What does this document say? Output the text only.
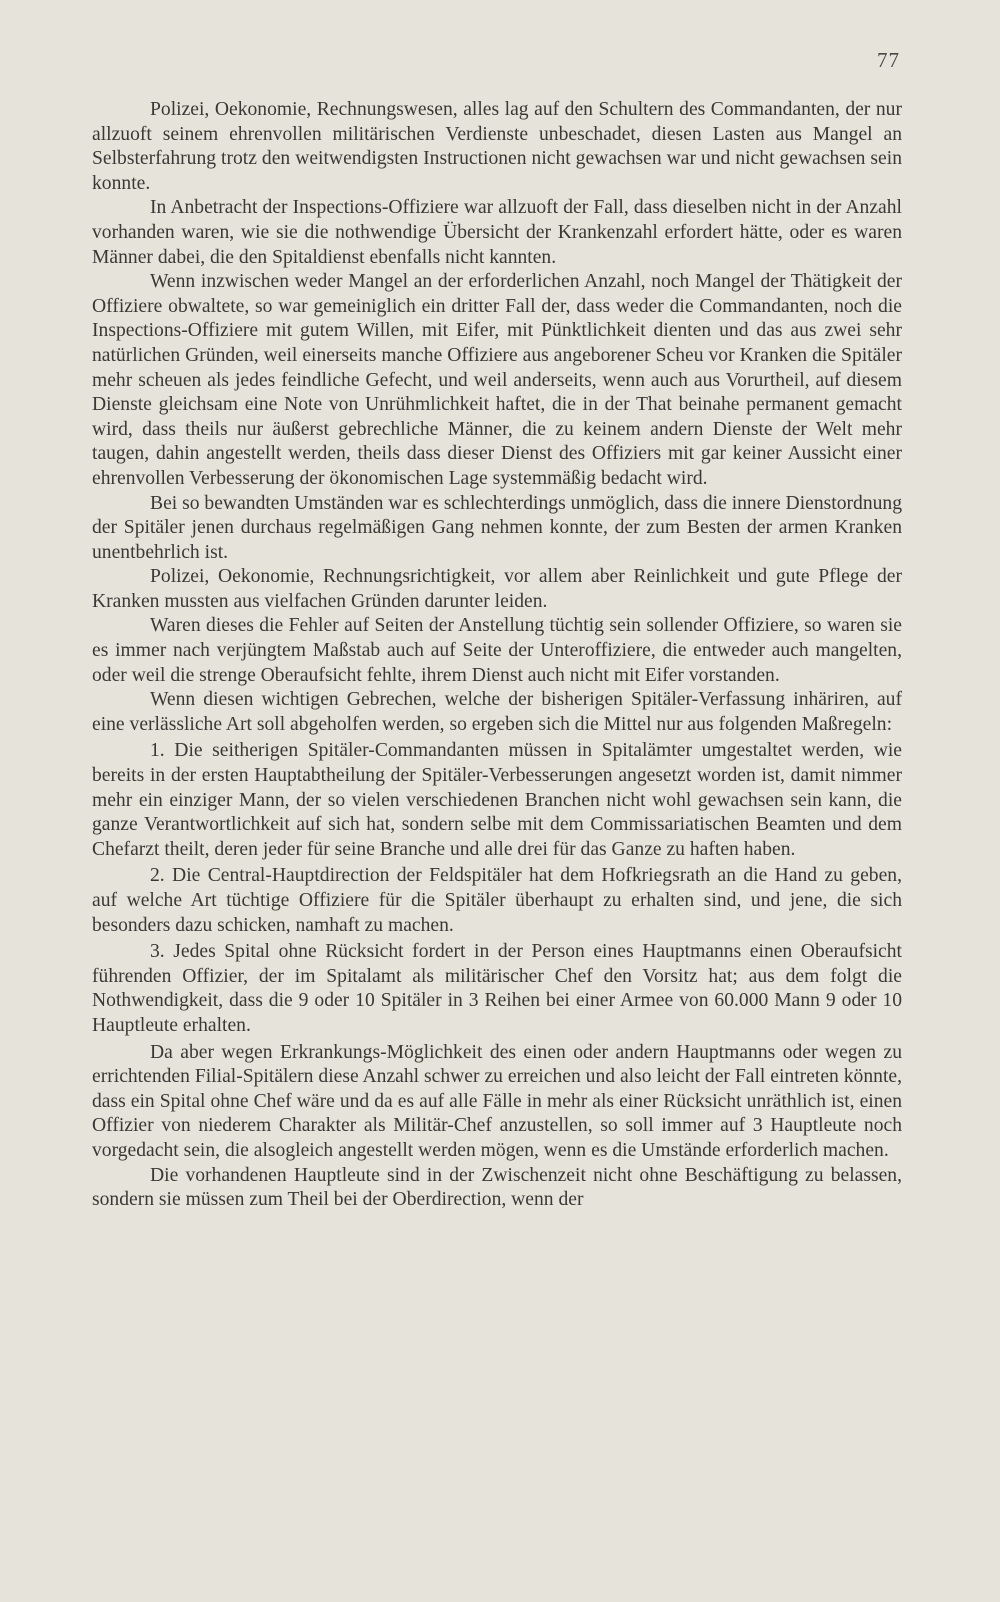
77

Polizei, Oekonomie, Rechnungswesen, alles lag auf den Schultern des Commandanten, der nur allzuoft seinem ehrenvollen militärischen Verdienste unbeschadet, diesen Lasten aus Mangel an Selbsterfahrung trotz den weitwendigsten Instructionen nicht gewachsen war und nicht gewachsen sein konnte.

In Anbetracht der Inspections-Offiziere war allzuoft der Fall, dass dieselben nicht in der Anzahl vorhanden waren, wie sie die nothwendige Übersicht der Krankenzahl erfordert hätte, oder es waren Männer dabei, die den Spitaldienst ebenfalls nicht kannten.

Wenn inzwischen weder Mangel an der erforderlichen Anzahl, noch Mangel der Thätigkeit der Offiziere obwaltete, so war gemeiniglich ein dritter Fall der, dass weder die Commandanten, noch die Inspections-Offiziere mit gutem Willen, mit Eifer, mit Pünktlichkeit dienten und das aus zwei sehr natürlichen Gründen, weil einerseits manche Offiziere aus angeborener Scheu vor Kranken die Spitäler mehr scheuen als jedes feindliche Gefecht, und weil anderseits, wenn auch aus Vorurtheil, auf diesem Dienste gleichsam eine Note von Unrühmlichkeit haftet, die in der That beinahe permanent gemacht wird, dass theils nur äußerst gebrechliche Männer, die zu keinem andern Dienste der Welt mehr taugen, dahin angestellt werden, theils dass dieser Dienst des Offiziers mit gar keiner Aussicht einer ehrenvollen Verbesserung der ökonomischen Lage systemmäßig bedacht wird.

Bei so bewandten Umständen war es schlechterdings unmöglich, dass die innere Dienstordnung der Spitäler jenen durchaus regelmäßigen Gang nehmen konnte, der zum Besten der armen Kranken unentbehrlich ist.

Polizei, Oekonomie, Rechnungsrichtigkeit, vor allem aber Reinlichkeit und gute Pflege der Kranken mussten aus vielfachen Gründen darunter leiden.

Waren dieses die Fehler auf Seiten der Anstellung tüchtig sein sollender Offiziere, so waren sie es immer nach verjüngtem Maßstab auch auf Seite der Unteroffiziere, die entweder auch mangelten, oder weil die strenge Oberaufsicht fehlte, ihrem Dienst auch nicht mit Eifer vorstanden.

Wenn diesen wichtigen Gebrechen, welche der bisherigen Spitäler-Verfassung inhäriren, auf eine verlässliche Art soll abgeholfen werden, so ergeben sich die Mittel nur aus folgenden Maßregeln:

1. Die seitherigen Spitäler-Commandanten müssen in Spitalämter umgestaltet werden, wie bereits in der ersten Hauptabtheilung der Spitäler-Verbesserungen angesetzt worden ist, damit nimmer mehr ein einziger Mann, der so vielen verschiedenen Branchen nicht wohl gewachsen sein kann, die ganze Verantwortlichkeit auf sich hat, sondern selbe mit dem Commissariatischen Beamten und dem Chefarzt theilt, deren jeder für seine Branche und alle drei für das Ganze zu haften haben.

2. Die Central-Hauptdirection der Feldspitäler hat dem Hofkriegsrath an die Hand zu geben, auf welche Art tüchtige Offiziere für die Spitäler überhaupt zu erhalten sind, und jene, die sich besonders dazu schicken, namhaft zu machen.

3. Jedes Spital ohne Rücksicht fordert in der Person eines Hauptmanns einen Oberaufsicht führenden Offizier, der im Spitalamt als militärischer Chef den Vorsitz hat; aus dem folgt die Nothwendigkeit, dass die 9 oder 10 Spitäler in 3 Reihen bei einer Armee von 60.000 Mann 9 oder 10 Hauptleute erhalten.

Da aber wegen Erkrankungs-Möglichkeit des einen oder andern Hauptmanns oder wegen zu errichtenden Filial-Spitälern diese Anzahl schwer zu erreichen und also leicht der Fall eintreten könnte, dass ein Spital ohne Chef wäre und da es auf alle Fälle in mehr als einer Rücksicht unräthlich ist, einen Offizier von niederem Charakter als Militär-Chef anzustellen, so soll immer auf 3 Hauptleute noch vorgedacht sein, die alsogleich angestellt werden mögen, wenn es die Umstände erforderlich machen.

Die vorhandenen Hauptleute sind in der Zwischenzeit nicht ohne Beschäftigung zu belassen, sondern sie müssen zum Theil bei der Oberdirection, wenn der
